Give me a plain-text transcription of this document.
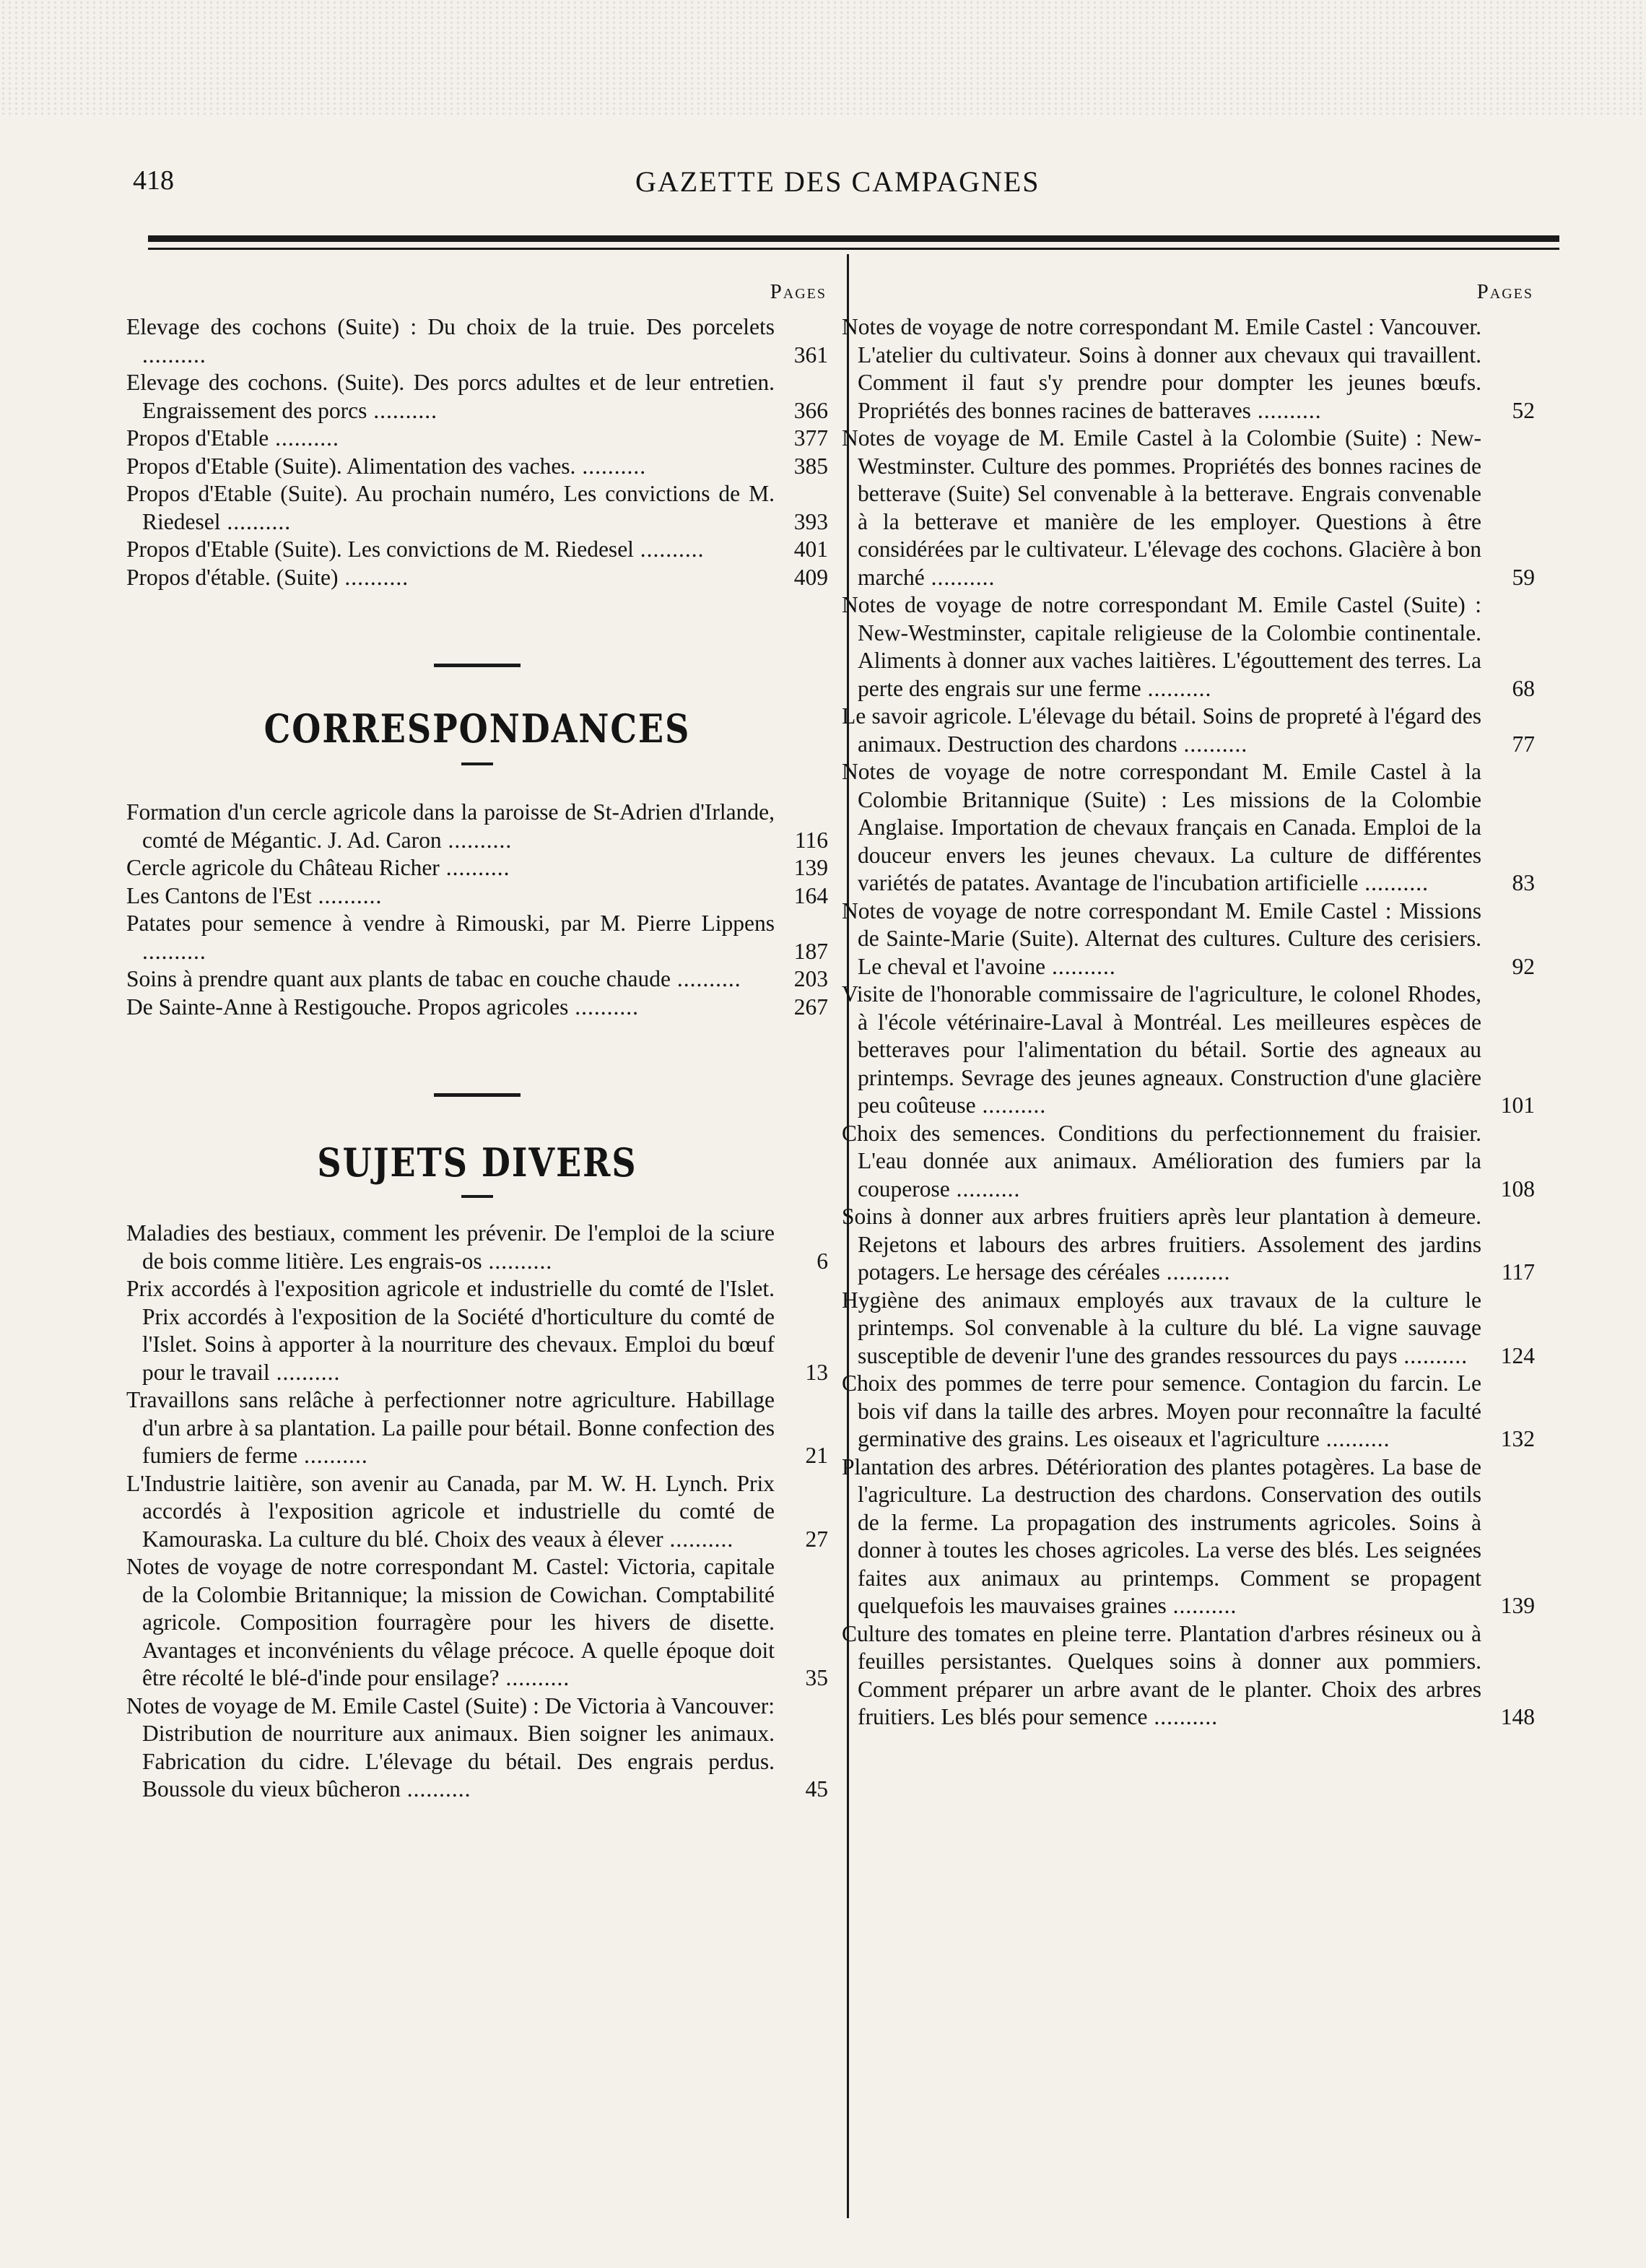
418	GAZETTE DES CAMPAGNES
Pages
Elevage des cochons (Suite) : Du choix de la truie. Des porcelets ..........	361
Elevage des cochons. (Suite). Des porcs adultes et de leur entretien. Engraissement des porcs ..........	366
Propos d'Etable ..........	377
Propos d'Etable (Suite). Alimentation des vaches. ..........	385
Propos d'Etable (Suite). Au prochain numéro, Les convictions de M. Riedesel ..........	393
Propos d'Etable (Suite). Les convictions de M. Riedesel ..........	401
Propos d'étable. (Suite) ..........	409
CORRESPONDANCES
Formation d'un cercle agricole dans la paroisse de St-Adrien d'Irlande, comté de Mégantic. J. Ad. Caron ..........	116
Cercle agricole du Château Richer ..........	139
Les Cantons de l'Est ..........	164
Patates pour semence à vendre à Rimouski, par M. Pierre Lippens ..........	187
Soins à prendre quant aux plants de tabac en couche chaude ..........	203
De Sainte-Anne à Restigouche. Propos agricoles ..........	267
SUJETS DIVERS
Maladies des bestiaux, comment les prévenir. De l'emploi de la sciure de bois comme litière. Les engrais-os ..........	6
Prix accordés à l'exposition agricole et industrielle du comté de l'Islet. Prix accordés à l'exposition de la Société d'horticulture du comté de l'Islet. Soins à apporter à la nourriture des chevaux. Emploi du bœuf pour le travail ..........	13
Travaillons sans relâche à perfectionner notre agriculture. Habillage d'un arbre à sa plantation. La paille pour bétail. Bonne confection des fumiers de ferme ..........	21
L'Industrie laitière, son avenir au Canada, par M. W. H. Lynch. Prix accordés à l'exposition agricole et industrielle du comté de Kamouraska. La culture du blé. Choix des veaux à élever ..........	27
Notes de voyage de notre correspondant M. Castel: Victoria, capitale de la Colombie Britannique; la mission de Cowichan. Comptabilité agricole. Composition fourragère pour les hivers de disette. Avantages et inconvénients du vêlage précoce. A quelle époque doit être récolté le blé-d'inde pour ensilage? ..........	35
Notes de voyage de M. Emile Castel (Suite) : De Victoria à Vancouver: Distribution de nourriture aux animaux. Bien soigner les animaux. Fabrication du cidre. L'élevage du bétail. Des engrais perdus. Boussole du vieux bûcheron ..........	45
Pages
Notes de voyage de notre correspondant M. Emile Castel : Vancouver. L'atelier du cultivateur. Soins à donner aux chevaux qui travaillent. Comment il faut s'y prendre pour dompter les jeunes bœufs. Propriétés des bonnes racines de batteraves ..........	52
Notes de voyage de M. Emile Castel à la Colombie (Suite) : New-Westminster. Culture des pommes. Propriétés des bonnes racines de betterave (Suite) Sel convenable à la betterave. Engrais convenable à la betterave et manière de les employer. Questions à être considérées par le cultivateur. L'élevage des cochons. Glacière à bon marché ..........	59
Notes de voyage de notre correspondant M. Emile Castel (Suite) : New-Westminster, capitale religieuse de la Colombie continentale. Aliments à donner aux vaches laitières. L'égouttement des terres. La perte des engrais sur une ferme ..........	68
Le savoir agricole. L'élevage du bétail. Soins de propreté à l'égard des animaux. Destruction des chardons ..........	77
Notes de voyage de notre correspondant M. Emile Castel à la Colombie Britannique (Suite) : Les missions de la Colombie Anglaise. Importation de chevaux français en Canada. Emploi de la douceur envers les jeunes chevaux. La culture de différentes variétés de patates. Avantage de l'incubation artificielle ..........	83
Notes de voyage de notre correspondant M. Emile Castel : Missions de Sainte-Marie (Suite). Alternat des cultures. Culture des cerisiers. Le cheval et l'avoine ..........	92
Visite de l'honorable commissaire de l'agriculture, le colonel Rhodes, à l'école vétérinaire-Laval à Montréal. Les meilleures espèces de betteraves pour l'alimentation du bétail. Sortie des agneaux au printemps. Sevrage des jeunes agneaux. Construction d'une glacière peu coûteuse ..........	101
Choix des semences. Conditions du perfectionnement du fraisier. L'eau donnée aux animaux. Amélioration des fumiers par la couperose ..........	108
Soins à donner aux arbres fruitiers après leur plantation à demeure. Rejetons et labours des arbres fruitiers. Assolement des jardins potagers. Le hersage des céréales ..........	117
Hygiène des animaux employés aux travaux de la culture le printemps. Sol convenable à la culture du blé. La vigne sauvage susceptible de devenir l'une des grandes ressources du pays ..........	124
Choix des pommes de terre pour semence. Contagion du farcin. Le bois vif dans la taille des arbres. Moyen pour reconnaître la faculté germinative des grains. Les oiseaux et l'agriculture ..........	132
Plantation des arbres. Détérioration des plantes potagères. La base de l'agriculture. La destruction des chardons. Conservation des outils de la ferme. La propagation des instruments agricoles. Soins à donner à toutes les choses agricoles. La verse des blés. Les seignées faites aux animaux au printemps. Comment se propagent quelquefois les mauvaises graines ..........	139
Culture des tomates en pleine terre. Plantation d'arbres résineux ou à feuilles persistantes. Quelques soins à donner aux pommiers. Comment préparer un arbre avant de le planter. Choix des arbres fruitiers. Les blés pour semence ..........	148
